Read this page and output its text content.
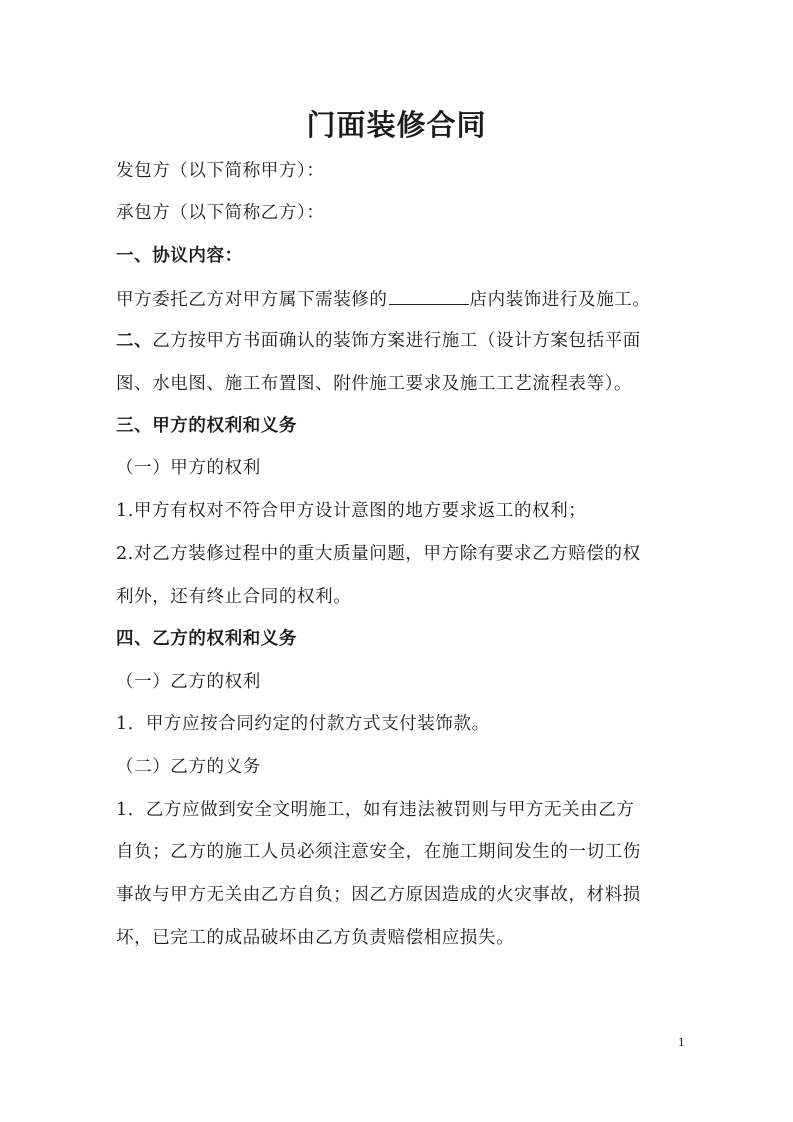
门面装修合同
发包方（以下简称甲方）：
承包方（以下简称乙方）：
一、协议内容：
甲方委托乙方对甲方属下需装修的	店内装饰进行及施工。
二、乙方按甲方书面确认的装饰方案进行施工（设计方案包括平面
图、水电图、施工布置图、附件施工要求及施工工艺流程表等）。
三、甲方的权利和义务
（一）甲方的权利
1.甲方有权对不符合甲方设计意图的地方要求返工的权利；
2.对乙方装修过程中的重大质量问题，甲方除有要求乙方赔偿的权
利外，还有终止合同的权利。
四、乙方的权利和义务
（一）乙方的权利
1．甲方应按合同约定的付款方式支付装饰款。
（二）乙方的义务
1．乙方应做到安全文明施工，如有违法被罚则与甲方无关由乙方
自负；乙方的施工人员必须注意安全，在施工期间发生的一切工伤
事故与甲方无关由乙方自负；因乙方原因造成的火灾事故，材料损
坏，已完工的成品破坏由乙方负责赔偿相应损失。
1
